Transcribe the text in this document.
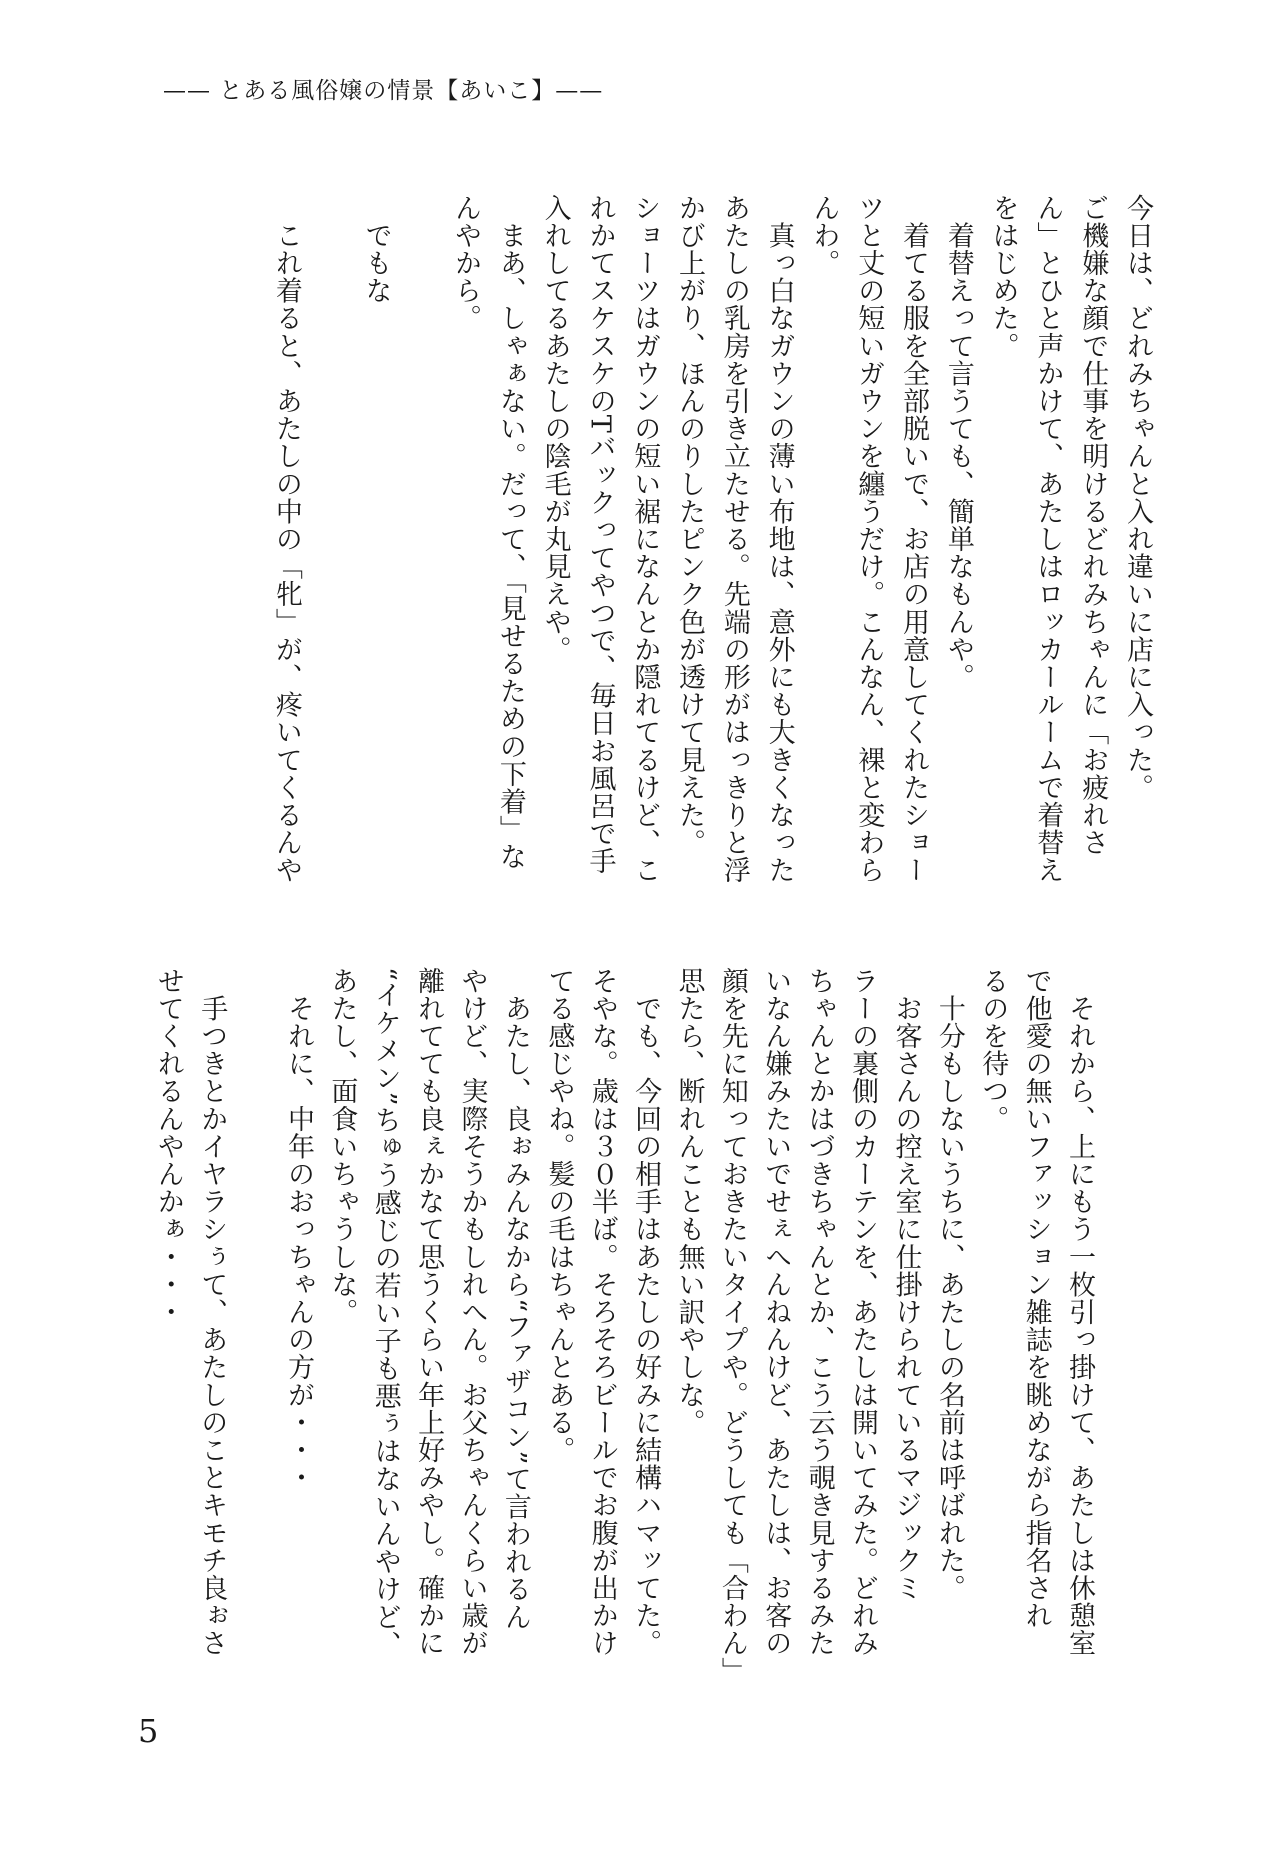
—— とある風俗嬢の情景【あいこ】——
今日は、どれみちゃんと入れ違いに店に入った。
ご機嫌な顔で仕事を明けるどれみちゃんに「お疲れさ
ん」とひと声かけて、あたしはロッカールームで着替え
をはじめた。
　着替えって言うても、簡単なもんや。
　着てる服を全部脱いで、お店の用意してくれたショー
ツと丈の短いガウンを纏うだけ。こんなん、裸と変わら
んわ。
　真っ白なガウンの薄い布地は、意外にも大きくなった
あたしの乳房を引き立たせる。先端の形がはっきりと浮
かび上がり、ほんのりしたピンク色が透けて見えた。
ショーツはガウンの短い裾になんとか隠れてるけど、こ
れかてスケスケのTバックってやつで、毎日お風呂で手
入れしてるあたしの陰毛が丸見えや。
　まあ、しゃぁない。だって、「見せるための下着」な
んやから。
　でもな
　これ着ると、あたしの中の「牝」が、疼いてくるんや
　それから、上にもう一枚引っ掛けて、あたしは休憩室
で他愛の無いファッション雑誌を眺めながら指名され
るのを待つ。
　十分もしないうちに、あたしの名前は呼ばれた。
　お客さんの控え室に仕掛けられているマジックミ
ラーの裏側のカーテンを、あたしは開いてみた。どれみ
ちゃんとかはづきちゃんとか、こう云う覗き見するみた
いなん嫌みたいでせぇへんねんけど、あたしは、お客の
顔を先に知っておきたいタイプや。どうしても「合わん」
思たら、断れんことも無い訳やしな。
　でも、今回の相手はあたしの好みに結構ハマッてた。
そやな。歳は３０半ば。そろそろビールでお腹が出かけ
てる感じやね。髪の毛はちゃんとある。
　あたし、良ぉみんなから“ファザコン”て言われるん
やけど、実際そうかもしれへん。お父ちゃんくらい歳が
離れてても良ぇかなて思うくらい年上好みやし。確かに
“イケメン”ちゅう感じの若い子も悪ぅはないんやけど、
あたし、面食いちゃうしな。
　それに、中年のおっちゃんの方が・・・
　手つきとかイヤラシぅて、あたしのことキモチ良ぉさ
せてくれるんやんかぁ・・・
5
